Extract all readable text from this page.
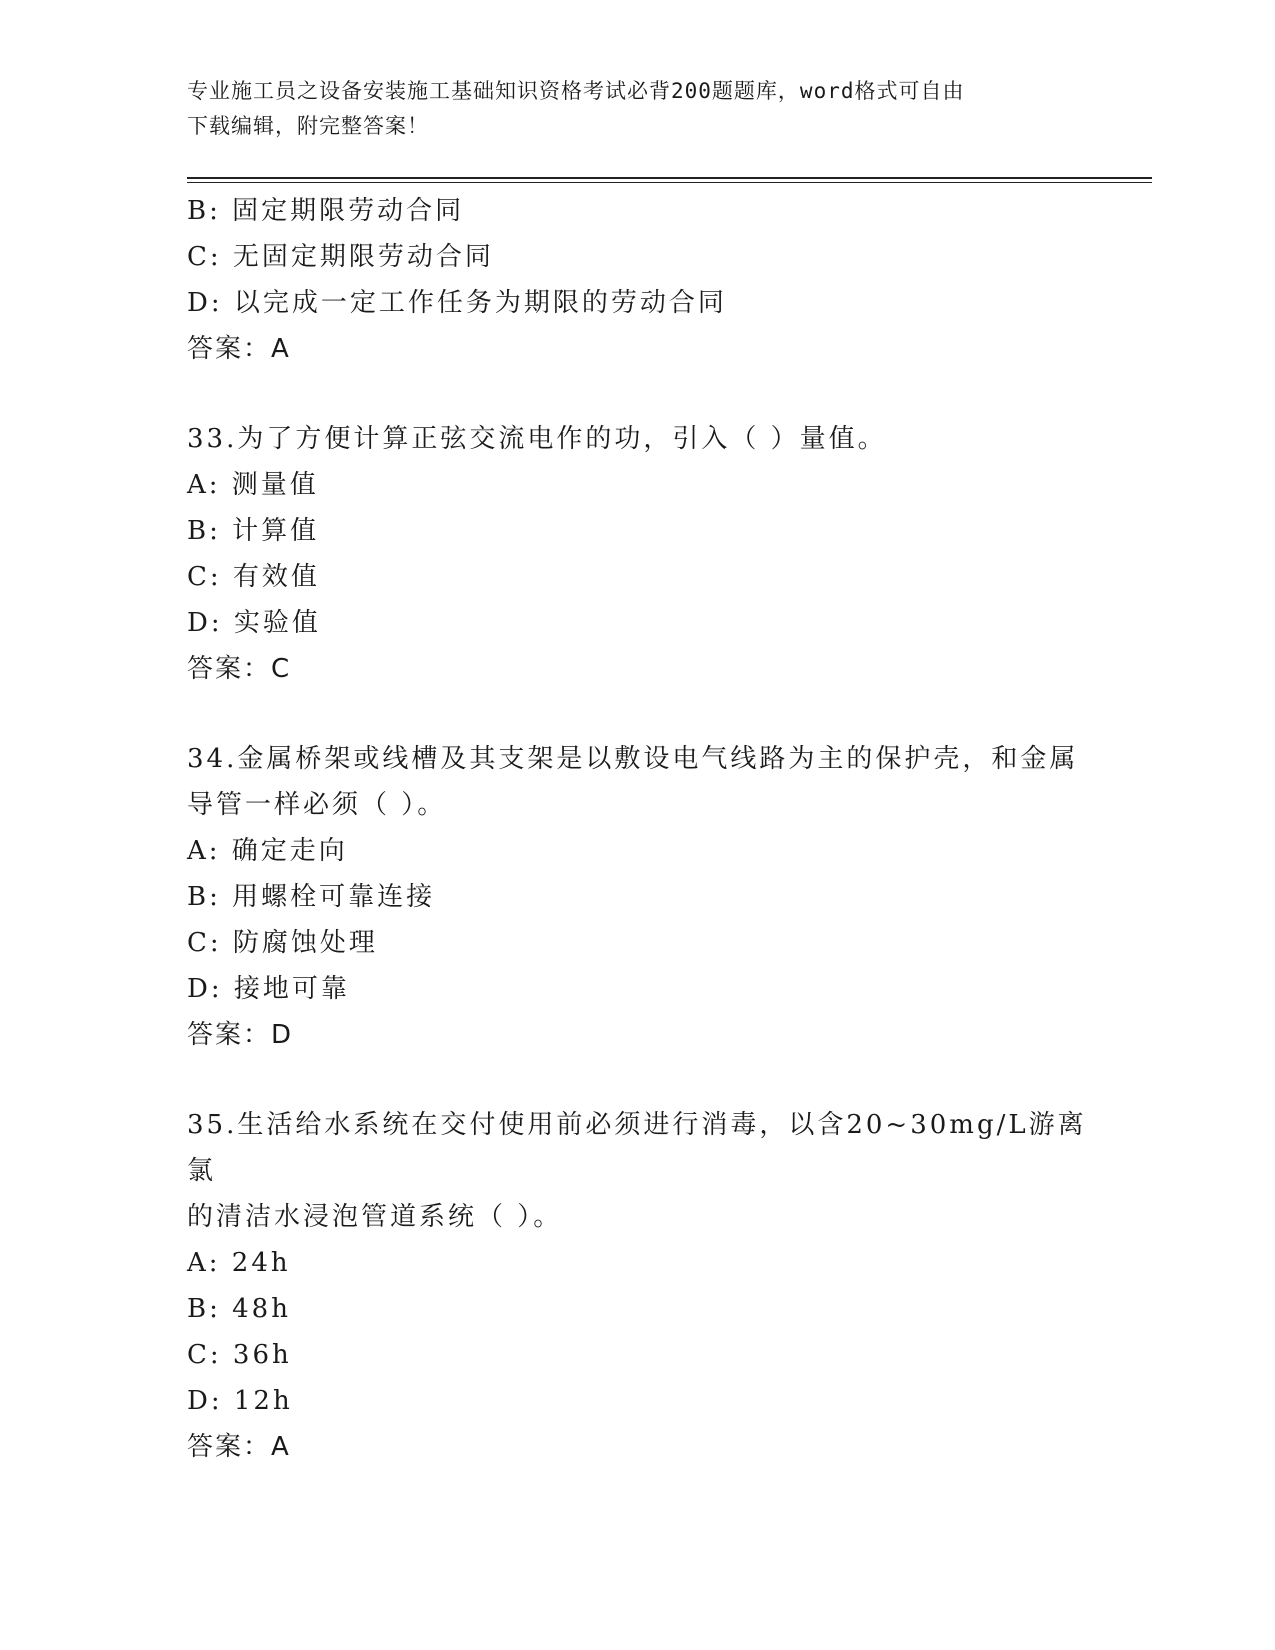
专业施工员之设备安装施工基础知识资格考试必背200题题库，word格式可自由
下载编辑，附完整答案！
B: 固定期限劳动合同
C: 无固定期限劳动合同
D: 以完成一定工作任务为期限的劳动合同
答案：A
33.为了方便计算正弦交流电作的功，引入（ ）量值。
A: 测量值
B: 计算值
C: 有效值
D: 实验值
答案：C
34.金属桥架或线槽及其支架是以敷设电气线路为主的保护壳，和金属
导管一样必须（ ）。
A: 确定走向
B: 用螺栓可靠连接
C: 防腐蚀处理
D: 接地可靠
答案：D
35.生活给水系统在交付使用前必须进行消毒，以含20~30mg/L游离氯
的清洁水浸泡管道系统（ ）。
A: 24h
B: 48h
C: 36h
D: 12h
答案：A
